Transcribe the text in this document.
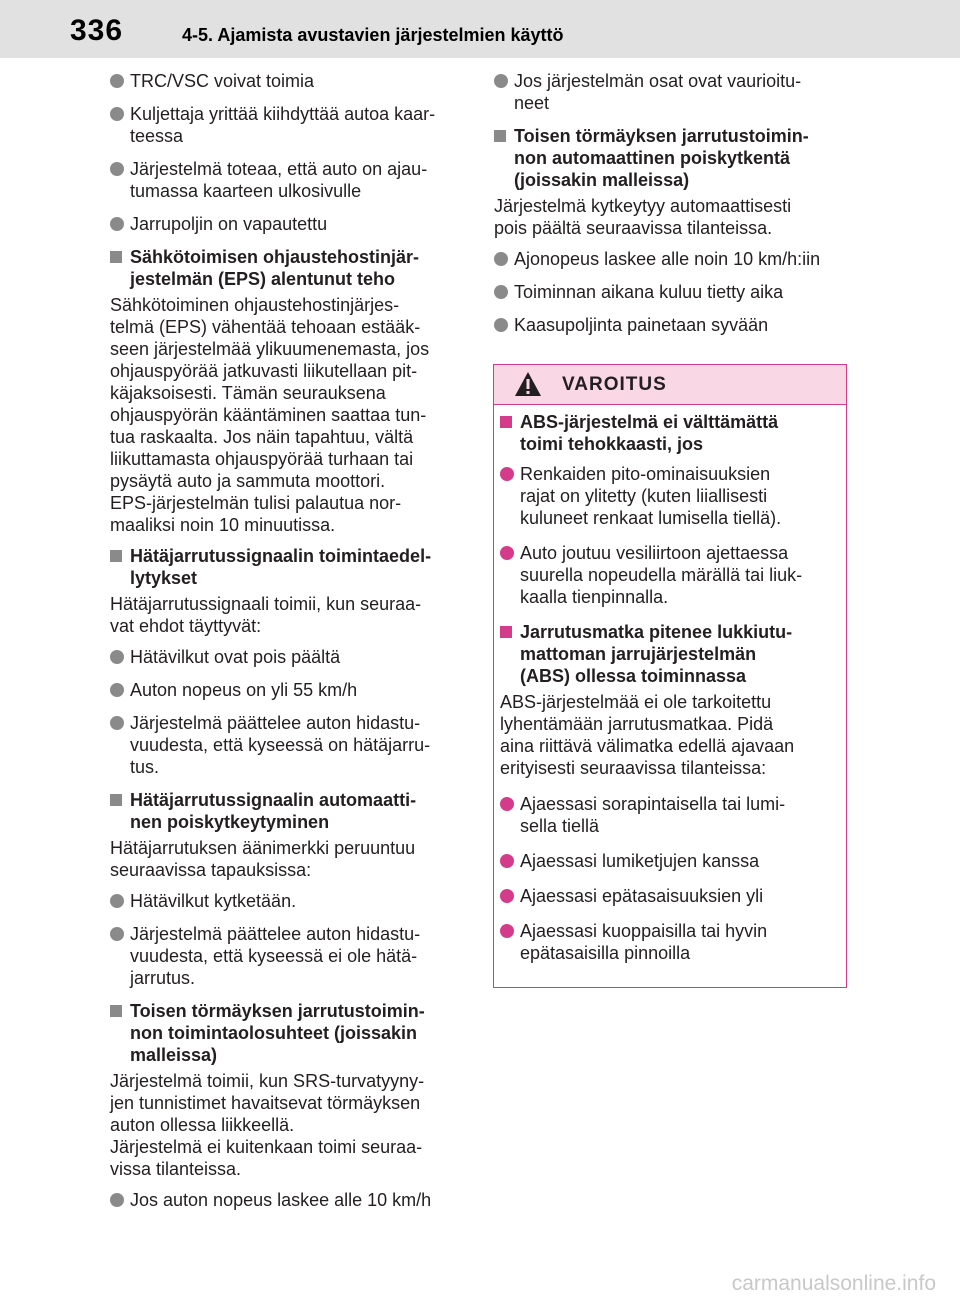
336	4-5. Ajamista avustavien järjestelmien käyttö
TRC/VSC voivat toimia
Kuljettaja yrittää kiihdyttää autoa kaar-
teessa
Järjestelmä toteaa, että auto on ajau-
tumassa kaarteen ulkosivulle
Jarrupoljin on vapautettu
Sähkötoimisen ohjaustehostinjär-
jestelmän (EPS) alentunut teho
Sähkötoiminen ohjaustehostinjärjes-
telmä (EPS) vähentää tehoaan estääk-
seen järjestelmää ylikuumenemasta, jos
ohjauspyörää jatkuvasti liikutellaan pit-
käjaksoisesti. Tämän seurauksena
ohjauspyörän kääntäminen saattaa tun-
tua raskaalta. Jos näin tapahtuu, vältä
liikuttamasta ohjauspyörää turhaan tai
pysäytä auto ja sammuta moottori.
EPS-järjestelmän tulisi palautua nor-
maaliksi noin 10 minuutissa.
Hätäjarrutussignaalin toimintaedel-
lytykset
Hätäjarrutussignaali toimii, kun seuraa-
vat ehdot täyttyvät:
Hätävilkut ovat pois päältä
Auton nopeus on yli 55 km/h
Järjestelmä päättelee auton hidastu-
vuudesta, että kyseessä on hätäjarru-
tus.
Hätäjarrutussignaalin automaatti-
nen poiskytkeytyminen
Hätäjarrutuksen äänimerkki peruuntuu
seuraavissa tapauksissa:
Hätävilkut kytketään.
Järjestelmä päättelee auton hidastu-
vuudesta, että kyseessä ei ole hätä-
jarrutus.
Toisen törmäyksen jarrutustoimin-
non toimintaolosuhteet (joissakin
malleissa)
Järjestelmä toimii, kun SRS-turvatyyny-
jen tunnistimet havaitsevat törmäyksen
auton ollessa liikkeellä.
Järjestelmä ei kuitenkaan toimi seuraa-
vissa tilanteissa.
Jos auton nopeus laskee alle 10 km/h
Jos järjestelmän osat ovat vaurioitu-
neet
Toisen törmäyksen jarrutustoimin-
non automaattinen poiskytkentä
(joissakin malleissa)
Järjestelmä kytkeytyy automaattisesti
pois päältä seuraavissa tilanteissa.
Ajonopeus laskee alle noin 10 km/h:iin
Toiminnan aikana kuluu tietty aika
Kaasupoljinta painetaan syvään
VAROITUS
ABS-järjestelmä ei välttämättä
toimi tehokkaasti, jos
Renkaiden pito-ominaisuuksien
rajat on ylitetty (kuten liiallisesti
kuluneet renkaat lumisella tiellä).
Auto joutuu vesiliirtoon ajettaessa
suurella nopeudella märällä tai liuk-
kaalla tienpinnalla.
Jarrutusmatka pitenee lukkiutu-
mattoman jarrujärjestelmän
(ABS) ollessa toiminnassa
ABS-järjestelmää ei ole tarkoitettu
lyhentämään jarrutusmatkaa. Pidä
aina riittävä välimatka edellä ajavaan
erityisesti seuraavissa tilanteissa:
Ajaessasi sorapintaisella tai lumi-
sella tiellä
Ajaessasi lumiketjujen kanssa
Ajaessasi epätasaisuuksien yli
Ajaessasi kuoppaisilla tai hyvin
epätasaisilla pinnoilla
carmanualsonline.info
